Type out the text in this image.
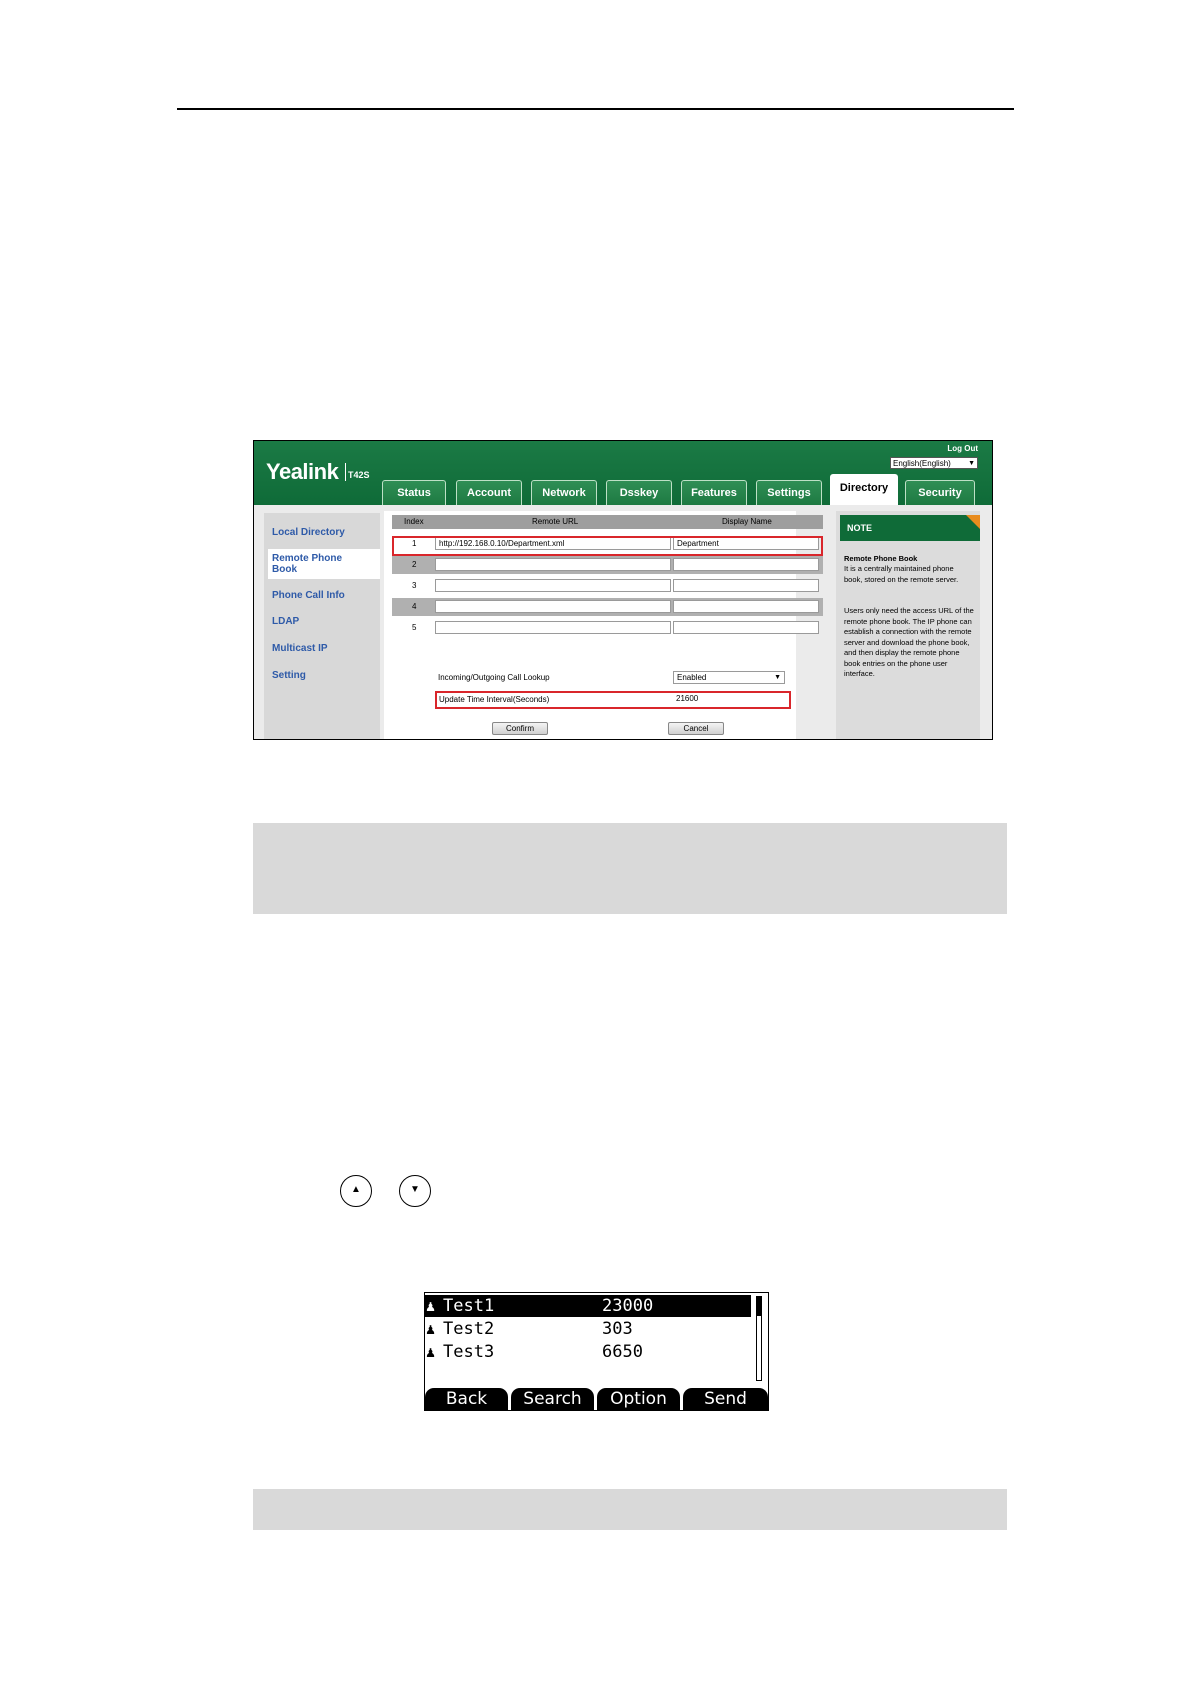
Yealink T42S
Log Out
English(English) ▼
Status	Account	Network	Dsskey	Features	Settings	Directory	Security
Local Directory
Remote Phone Book
Phone Call Info
LDAP
Multicast IP
Setting
Index	Remote URL	Display Name
1	http://192.168.0.10/Department.xml	Department
2
3
4
5
Incoming/Outgoing Call Lookup	Enabled	▼
Update Time Interval(Seconds)	21600
Confirm	Cancel
NOTE
Remote Phone Book
It is a centrally maintained phone book, stored on the remote server.
Users only need the access URL of the remote phone book. The IP phone can establish a connection with the remote server and download the phone book, and then display the remote phone book entries on the phone user interface.
▲	▼
♟ Test1	23000
♟ Test2	303
♟ Test3	6650
Back	Search	Option	Send
